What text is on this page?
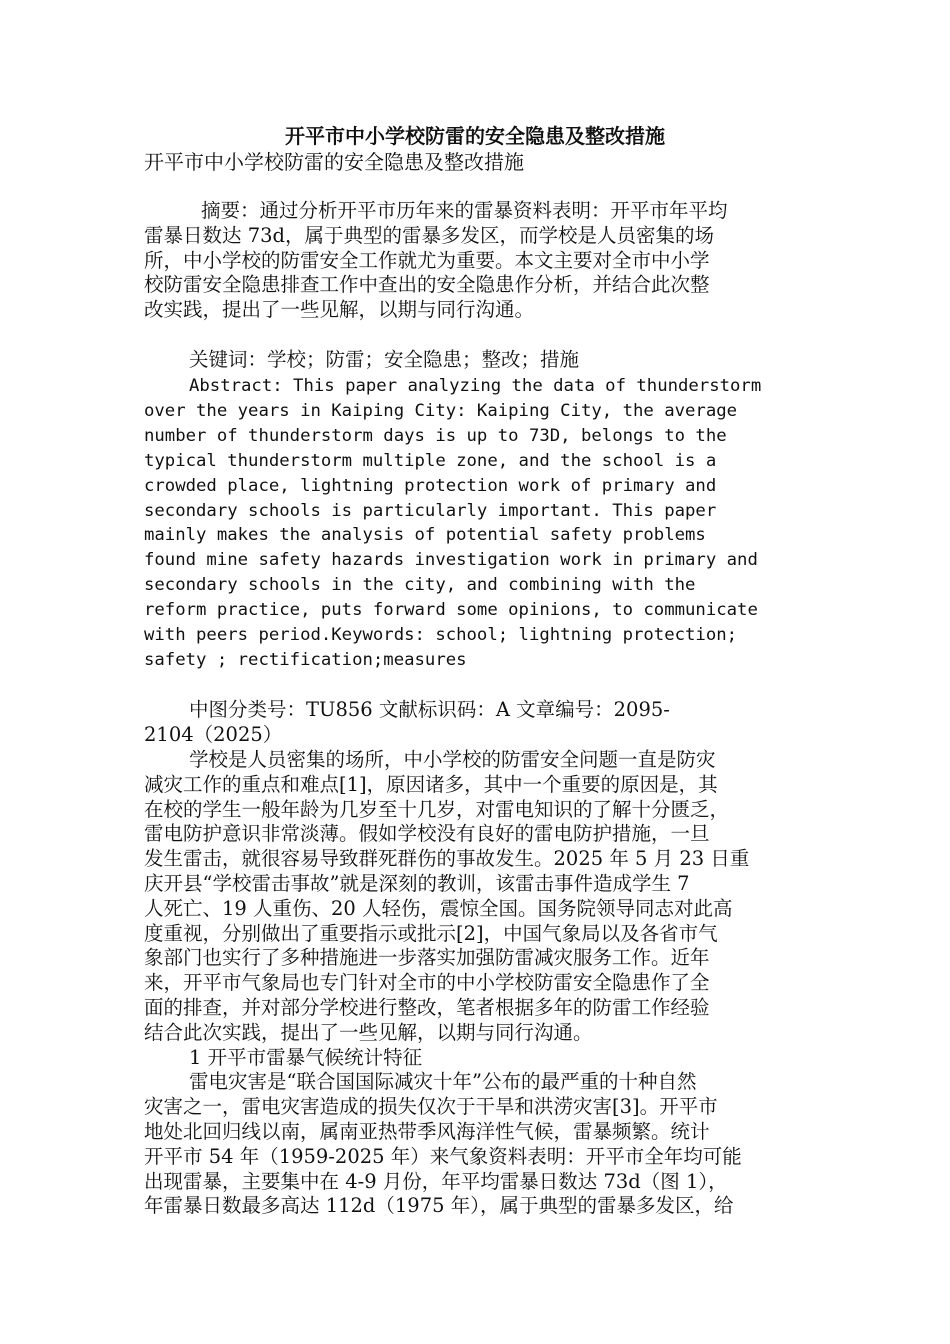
开平市中小学校防雷的安全隐患及整改措施
开平市中小学校防雷的安全隐患及整改措施
摘要：通过分析开平市历年来的雷暴资料表明：开平市年平均
雷暴日数达 73d，属于典型的雷暴多发区，而学校是人员密集的场
所，中小学校的防雷安全工作就尤为重要。本文主要对全市中小学
校防雷安全隐患排查工作中查出的安全隐患作分析，并结合此次整
改实践，提出了一些见解，以期与同行沟通。
关键词：学校；防雷；安全隐患；整改；措施
Abstract: This paper analyzing the data of thunderstorm
over the years in Kaiping City: Kaiping City, the average
number of thunderstorm days is up to 73D, belongs to the
typical thunderstorm multiple zone, and the school is a
crowded place, lightning protection work of primary and
secondary schools is particularly important. This paper
mainly makes the analysis of potential safety problems
found mine safety hazards investigation work in primary and
secondary schools in the city, and combining with the
reform practice, puts forward some opinions, to communicate
with peers period.Keywords: school; lightning protection;
safety ; rectification;measures
中图分类号：TU856 文献标识码：A 文章编号：2095-
2104（2025）
学校是人员密集的场所，中小学校的防雷安全问题一直是防灾
减灾工作的重点和难点[1]，原因诸多，其中一个重要的原因是，其
在校的学生一般年龄为几岁至十几岁，对雷电知识的了解十分匮乏，
雷电防护意识非常淡薄。假如学校没有良好的雷电防护措施，一旦
发生雷击，就很容易导致群死群伤的事故发生。2025 年 5 月 23 日重
庆开县“学校雷击事故”就是深刻的教训，该雷击事件造成学生 7
人死亡、19 人重伤、20 人轻伤，震惊全国。国务院领导同志对此高
度重视，分别做出了重要指示或批示[2]，中国气象局以及各省市气
象部门也实行了多种措施进一步落实加强防雷减灾服务工作。近年
来，开平市气象局也专门针对全市的中小学校防雷安全隐患作了全
面的排查，并对部分学校进行整改，笔者根据多年的防雷工作经验
结合此次实践，提出了一些见解，以期与同行沟通。
1 开平市雷暴气候统计特征
雷电灾害是“联合国国际减灾十年”公布的最严重的十种自然
灾害之一，雷电灾害造成的损失仅次于干旱和洪涝灾害[3]。开平市
地处北回归线以南，属南亚热带季风海洋性气候，雷暴频繁。统计
开平市 54 年（1959-2025 年）来气象资料表明：开平市全年均可能
出现雷暴，主要集中在 4-9 月份，年平均雷暴日数达 73d（图 1），
年雷暴日数最多高达 112d（1975 年），属于典型的雷暴多发区，给
